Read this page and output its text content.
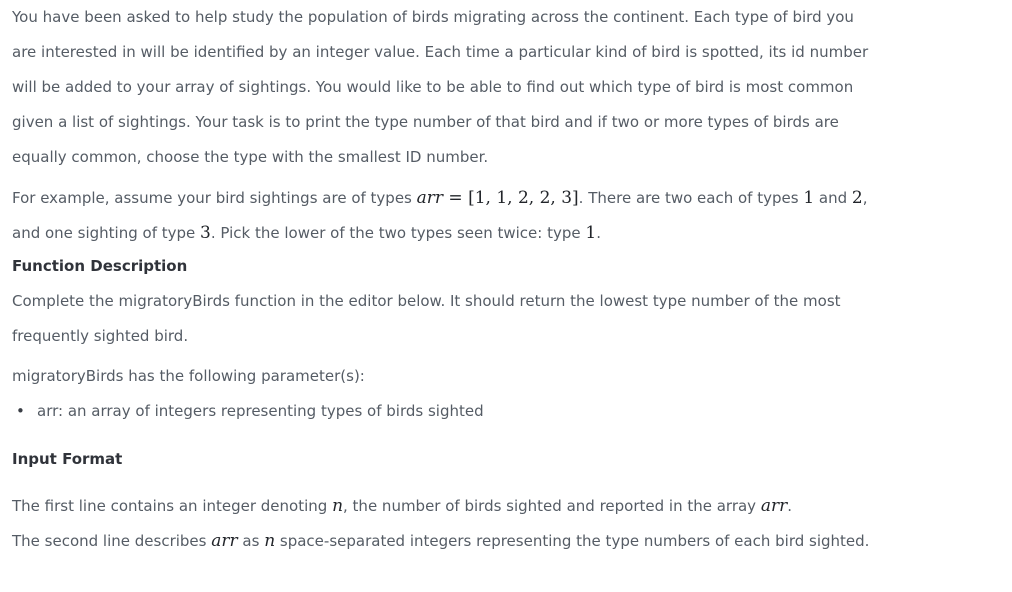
You have been asked to help study the population of birds migrating across the continent. Each type of bird you
are interested in will be identified by an integer value. Each time a particular kind of bird is spotted, its id number
will be added to your array of sightings. You would like to be able to find out which type of bird is most common
given a list of sightings. Your task is to print the type number of that bird and if two or more types of birds are
equally common, choose the type with the smallest ID number.
For example, assume your bird sightings are of types arr = [1, 1, 2, 2, 3]. There are two each of types 1 and 2,
and one sighting of type 3. Pick the lower of the two types seen twice: type 1.
Function Description
Complete the migratoryBirds function in the editor below. It should return the lowest type number of the most
frequently sighted bird.
migratoryBirds has the following parameter(s):
• arr: an array of integers representing types of birds sighted
Input Format
The first line contains an integer denoting n, the number of birds sighted and reported in the array arr.
The second line describes arr as n space-separated integers representing the type numbers of each bird sighted.
